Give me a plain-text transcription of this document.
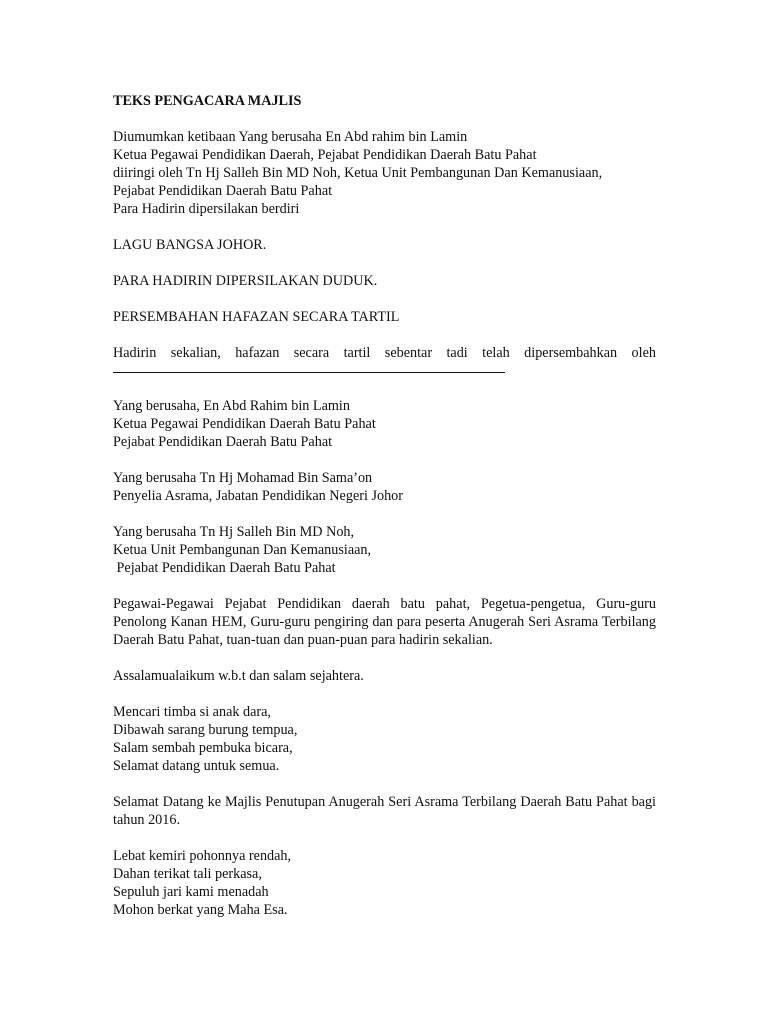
TEKS PENGACARA MAJLIS
Diumumkan ketibaan Yang berusaha En Abd rahim bin Lamin
Ketua Pegawai Pendidikan Daerah, Pejabat Pendidikan Daerah Batu Pahat
diiringi oleh Tn Hj Salleh Bin MD Noh, Ketua Unit Pembangunan Dan Kemanusiaan,
Pejabat Pendidikan Daerah Batu Pahat
Para Hadirin dipersilakan berdiri
LAGU BANGSA JOHOR.
PARA HADIRIN DIPERSILAKAN DUDUK.
PERSEMBAHAN HAFAZAN SECARA TARTIL
Hadirin sekalian, hafazan secara tartil sebentar tadi telah dipersembahkan oleh
Yang berusaha, En Abd Rahim bin Lamin
Ketua Pegawai Pendidikan Daerah Batu Pahat
Pejabat Pendidikan Daerah Batu Pahat
Yang berusaha Tn Hj Mohamad Bin Sama’on
Penyelia Asrama, Jabatan Pendidikan Negeri Johor
Yang berusaha Tn Hj Salleh Bin MD Noh,
Ketua Unit Pembangunan Dan Kemanusiaan,
Pejabat Pendidikan Daerah Batu Pahat
Pegawai-Pegawai Pejabat Pendidikan daerah batu pahat, Pegetua-pengetua, Guru-guru Penolong Kanan HEM, Guru-guru pengiring dan para peserta Anugerah Seri Asrama Terbilang Daerah Batu Pahat, tuan-tuan dan puan-puan para hadirin sekalian.
Assalamualaikum w.b.t dan salam sejahtera.
Mencari timba si anak dara,
Dibawah sarang burung tempua,
Salam sembah pembuka bicara,
Selamat datang untuk semua.
Selamat Datang ke Majlis Penutupan Anugerah Seri Asrama Terbilang Daerah Batu Pahat bagi tahun 2016.
Lebat kemiri pohonnya rendah,
Dahan terikat tali perkasa,
Sepuluh jari kami menadah
Mohon berkat yang Maha Esa.
